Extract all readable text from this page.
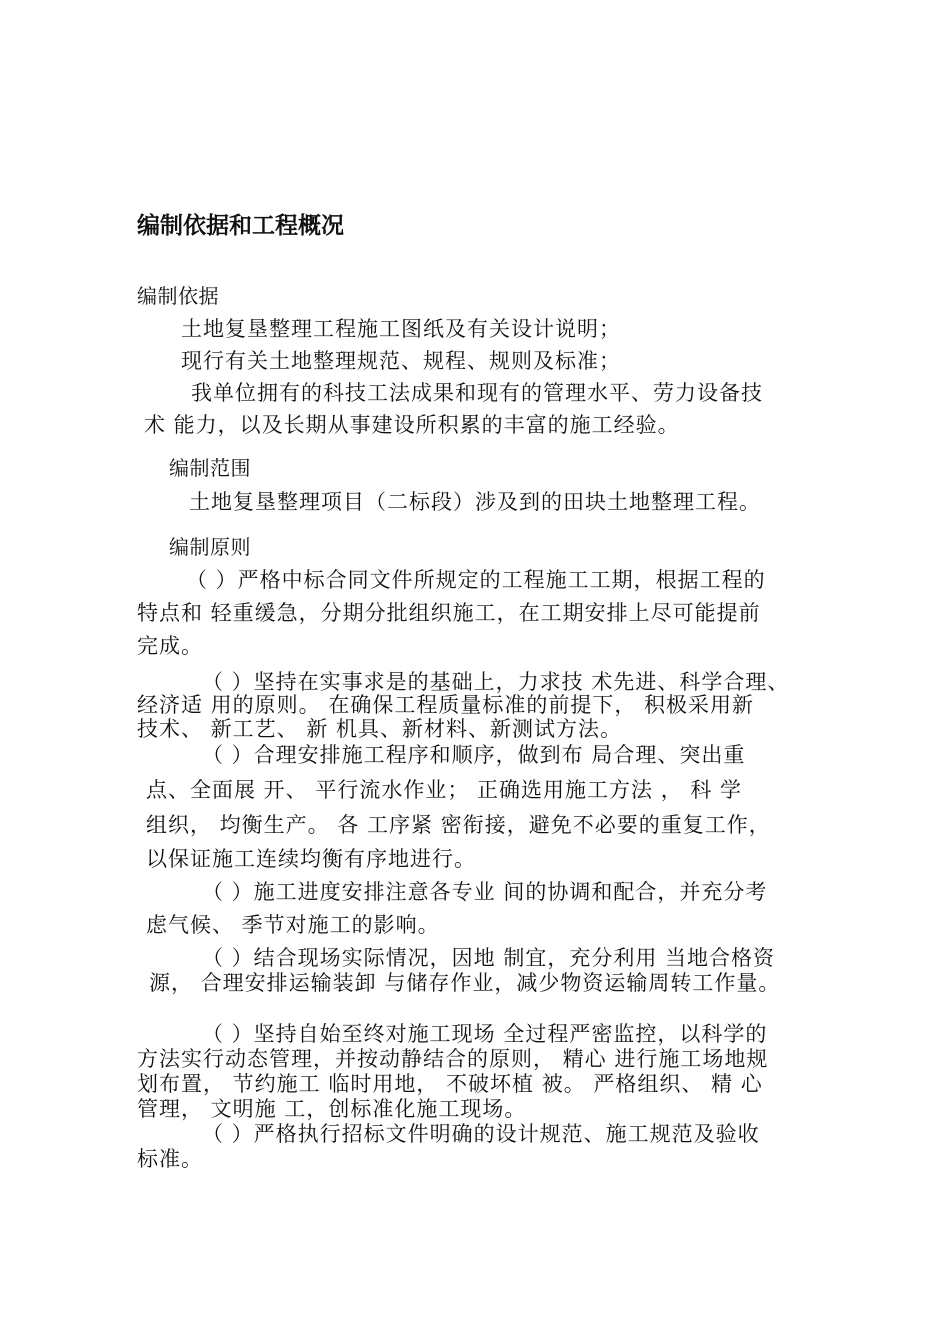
编制依据和工程概况
编制依据
土地复垦整理工程施工图纸及有关设计说明；
现行有关土地整理规范、规程、规则及标准；
我单位拥有的科技工法成果和现有的管理水平、劳力设备技
术 能力，以及长期从事建设所积累的丰富的施工经验。
编制范围
土地复垦整理项目（二标段）涉及到的田块土地整理工程。
编制原则
（ ）严格中标合同文件所规定的工程施工工期，根据工程的
特点和 轻重缓急，分期分批组织施工，在工期安排上尽可能提前
完成。
（ ）坚持在实事求是的基础上，力求技 术先进、科学合理、
经济适 用的原则。 在确保工程质量标准的前提下， 积极采用新
技术、 新工艺、 新 机具、新材料、新测试方法。
（ ）合理安排施工程序和顺序，做到布 局合理、突出重
点、全面展 开、 平行流水作业； 正确选用施工方法 ， 科 学
组织， 均衡生产。 各 工序紧 密衔接，避免不必要的重复工作，
以保证施工连续均衡有序地进行。
（ ）施工进度安排注意各专业 间的协调和配合，并充分考
虑气候、 季节对施工的影响。
（ ）结合现场实际情况，因地 制宜，充分利用 当地合格资
源， 合理安排运输装卸 与储存作业，减少物资运输周转工作量。
（ ）坚持自始至终对施工现场 全过程严密监控，以科学的
方法实行动态管理，并按动静结合的原则， 精心 进行施工场地规
划布置， 节约施工 临时用地， 不破坏植 被。 严格组织、 精 心
管理， 文明施 工，创标准化施工现场。
（ ）严格执行招标文件明确的设计规范、施工规范及验收
标准。
